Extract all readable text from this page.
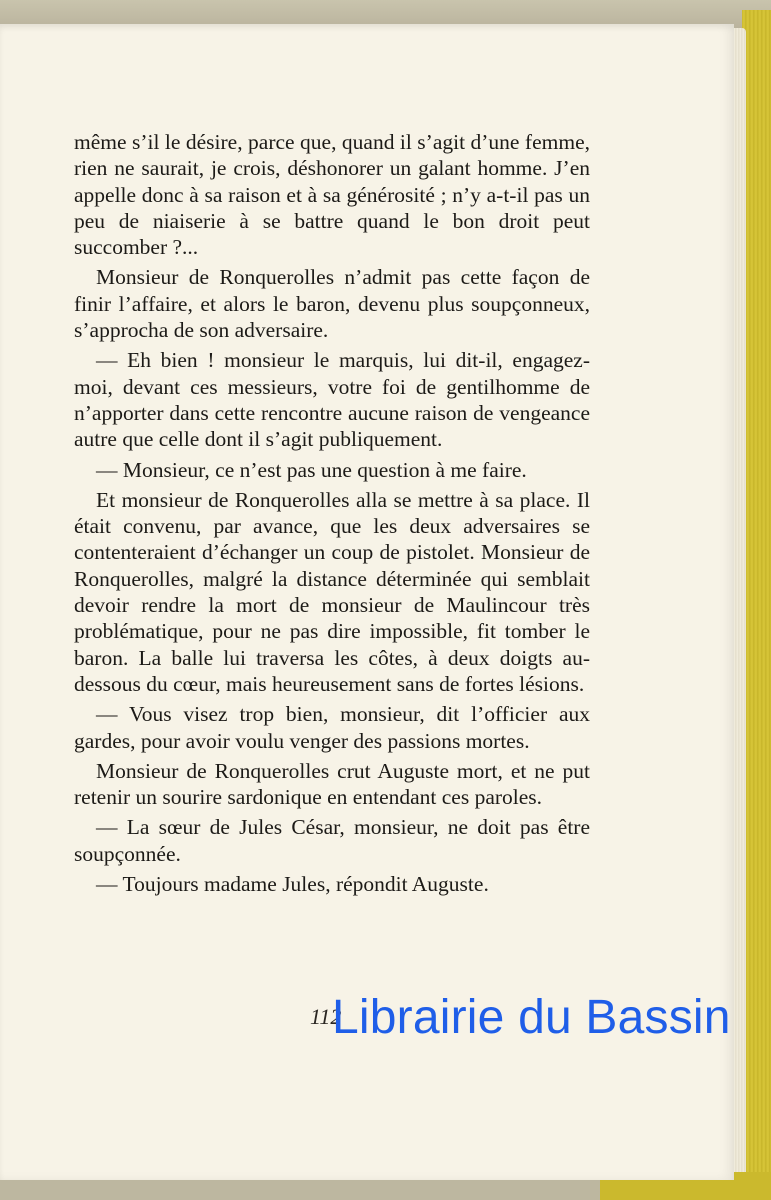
même s’il le désire, parce que, quand il s’agit d’une femme, rien ne saurait, je crois, déshonorer un galant homme. J’en appelle donc à sa raison et à sa générosité ; n’y a-t-il pas un peu de niaiserie à se battre quand le bon droit peut succomber ?...

Monsieur de Ronquerolles n’admit pas cette façon de finir l’affaire, et alors le baron, devenu plus soupçonneux, s’approcha de son adversaire.

— Eh bien ! monsieur le marquis, lui dit-il, engagez-moi, devant ces messieurs, votre foi de gentilhomme de n’apporter dans cette rencontre aucune raison de vengeance autre que celle dont il s’agit publiquement.

— Monsieur, ce n’est pas une question à me faire.

Et monsieur de Ronquerolles alla se mettre à sa place. Il était convenu, par avance, que les deux adversaires se contenteraient d’échanger un coup de pistolet. Monsieur de Ronquerolles, malgré la distance déterminée qui semblait devoir rendre la mort de monsieur de Maulincour très problématique, pour ne pas dire impossible, fit tomber le baron. La balle lui traversa les côtes, à deux doigts au-dessous du cœur, mais heureusement sans de fortes lésions.

— Vous visez trop bien, monsieur, dit l’officier aux gardes, pour avoir voulu venger des passions mortes.

Monsieur de Ronquerolles crut Auguste mort, et ne put retenir un sourire sardonique en entendant ces paroles.

— La sœur de Jules César, monsieur, ne doit pas être soupçonnée.

— Toujours madame Jules, répondit Auguste.

112
Librairie du Bassin
